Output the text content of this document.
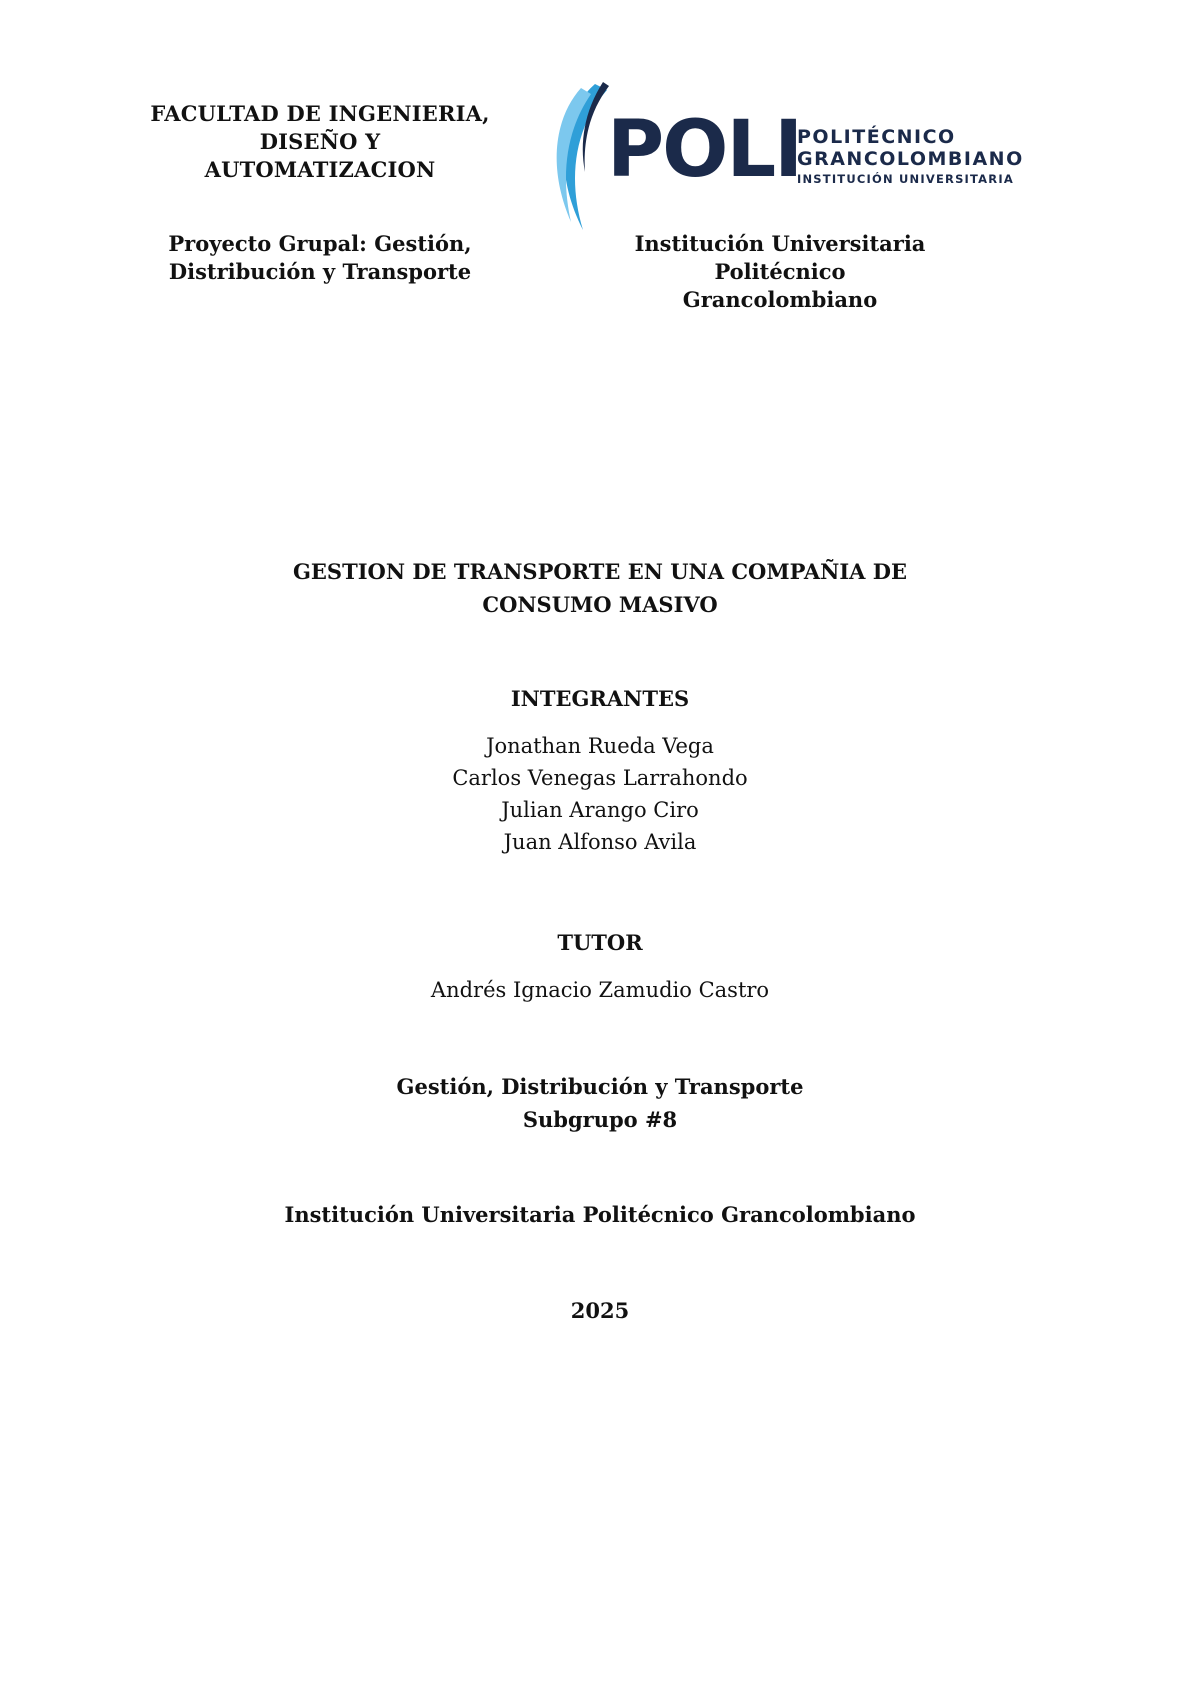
FACULTAD DE INGENIERIA,
DISEÑO Y
AUTOMATIZACION
Proyecto Grupal: Gestión,
Distribución y Transporte
POLI
POLITÉCNICO
GRANCOLOMBIANO
INSTITUCIÓN UNIVERSITARIA
Institución Universitaria Politécnico
Grancolombiano
GESTION DE TRANSPORTE EN UNA COMPAÑIA DE
CONSUMO MASIVO
INTEGRANTES
Jonathan Rueda Vega
Carlos Venegas Larrahondo
Julian Arango Ciro
Juan Alfonso Avila
TUTOR
Andrés Ignacio Zamudio Castro
Gestión, Distribución y Transporte
Subgrupo #8
Institución Universitaria Politécnico Grancolombiano
2025
